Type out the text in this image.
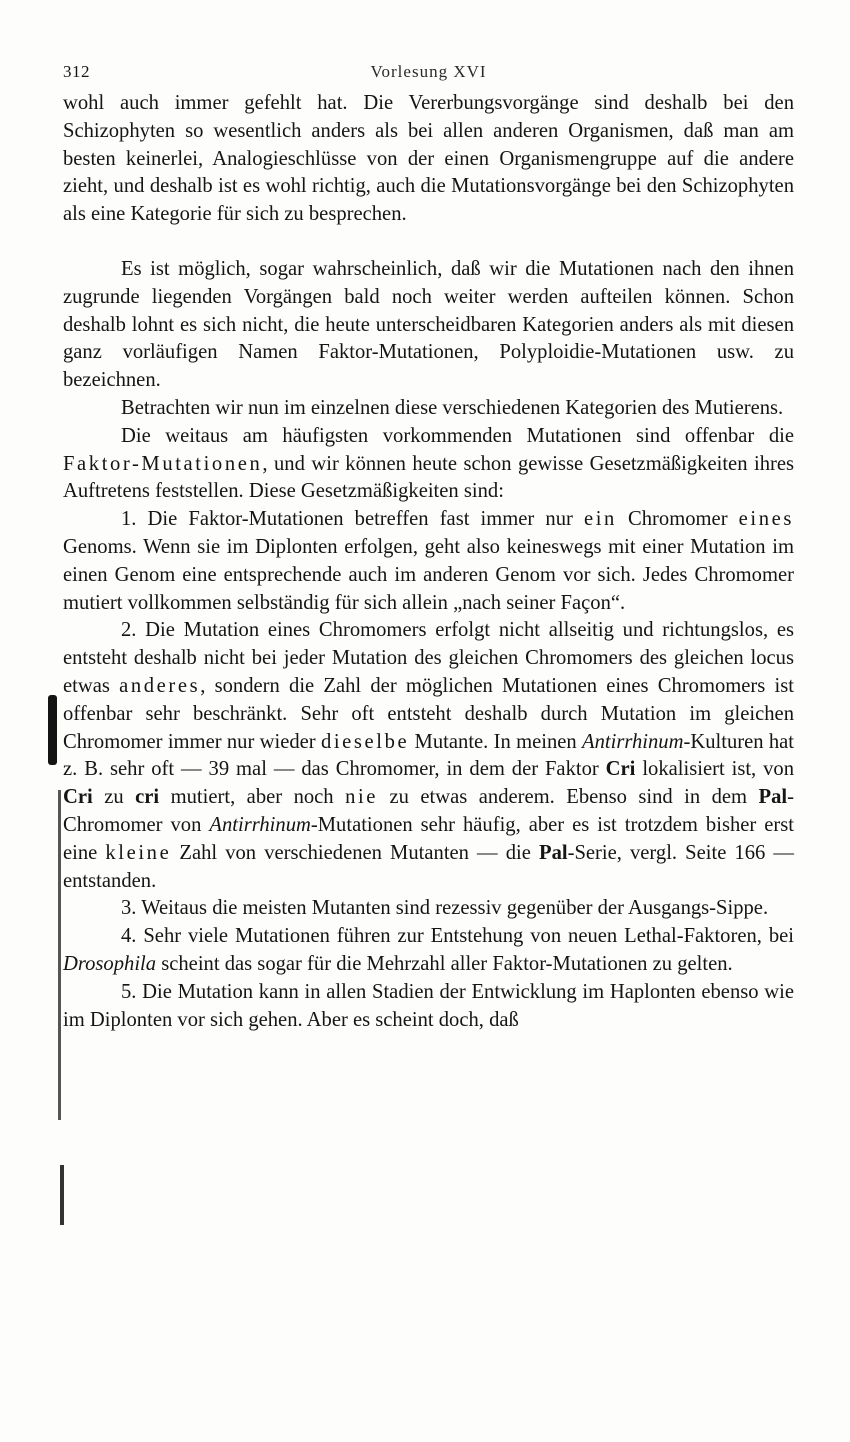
312	Vorlesung XVI

wohl auch immer gefehlt hat. Die Vererbungsvorgänge sind deshalb bei den Schizophyten so wesentlich anders als bei allen anderen Organismen, daß man am besten keinerlei, Analogieschlüsse von der einen Organismengruppe auf die andere zieht, und deshalb ist es wohl richtig, auch die Mutationsvorgänge bei den Schizophyten als eine Kategorie für sich zu besprechen.

Es ist möglich, sogar wahrscheinlich, daß wir die Mutationen nach den ihnen zugrunde liegenden Vorgängen bald noch weiter werden aufteilen können. Schon deshalb lohnt es sich nicht, die heute unterscheidbaren Kategorien anders als mit diesen ganz vorläufigen Namen Faktor-Mutationen, Polyploidie-Mutationen usw. zu bezeichnen.

Betrachten wir nun im einzelnen diese verschiedenen Kategorien des Mutierens.

Die weitaus am häufigsten vorkommenden Mutationen sind offenbar die Faktor-Mutationen, und wir können heute schon gewisse Gesetzmäßigkeiten ihres Auftretens feststellen. Diese Gesetzmäßigkeiten sind:

1. Die Faktor-Mutationen betreffen fast immer nur ein Chromomer eines Genoms. Wenn sie im Diplonten erfolgen, geht also keineswegs mit einer Mutation im einen Genom eine entsprechende auch im anderen Genom vor sich. Jedes Chromomer mutiert vollkommen selbständig für sich allein „nach seiner Façon“.

2. Die Mutation eines Chromomers erfolgt nicht allseitig und richtungslos, es entsteht deshalb nicht bei jeder Mutation des gleichen Chromomers des gleichen locus etwas anderes, sondern die Zahl der möglichen Mutationen eines Chromomers ist offenbar sehr beschränkt. Sehr oft entsteht deshalb durch Mutation im gleichen Chromomer immer nur wieder dieselbe Mutante. In meinen Antirrhinum-Kulturen hat z. B. sehr oft — 39 mal — das Chromomer, in dem der Faktor Cri lokalisiert ist, von Cri zu cri mutiert, aber noch nie zu etwas anderem. Ebenso sind in dem Pal-Chromomer von Antirrhinum-Mutationen sehr häufig, aber es ist trotzdem bisher erst eine kleine Zahl von verschiedenen Mutanten — die Pal-Serie, vergl. Seite 166 — entstanden.

3. Weitaus die meisten Mutanten sind rezessiv gegenüber der Ausgangs-Sippe.

4. Sehr viele Mutationen führen zur Entstehung von neuen Lethal-Faktoren, bei Drosophila scheint das sogar für die Mehrzahl aller Faktor-Mutationen zu gelten.

5. Die Mutation kann in allen Stadien der Entwicklung im Haplonten ebenso wie im Diplonten vor sich gehen. Aber es scheint doch, daß
